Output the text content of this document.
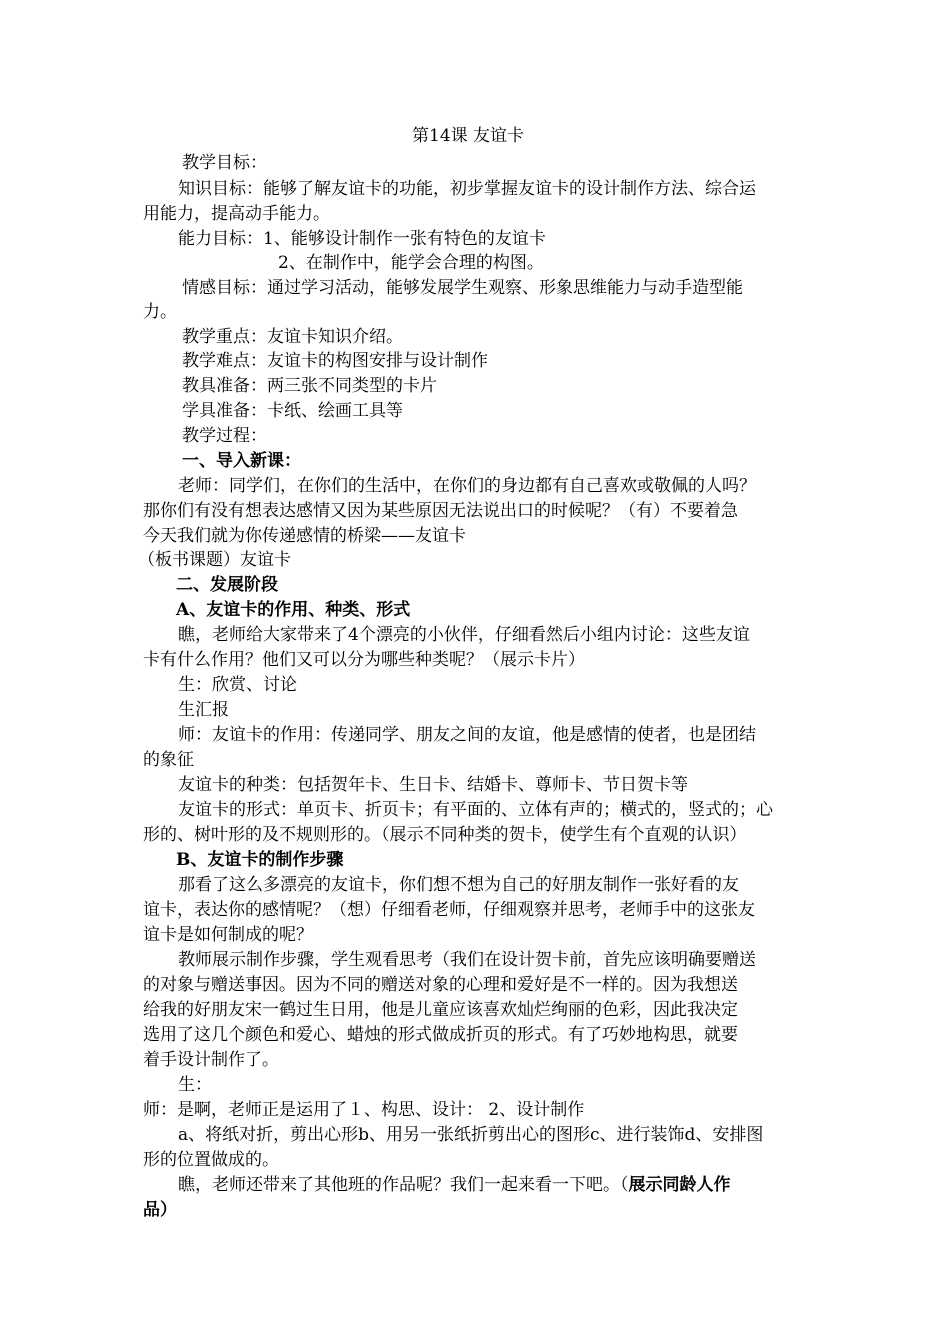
第14课 友谊卡
教学目标：
知识目标：能够了解友谊卡的功能，初步掌握友谊卡的设计制作方法、综合运
用能力，提高动手能力。
能力目标：1、能够设计制作一张有特色的友谊卡
2、在制作中，能学会合理的构图。
情感目标：通过学习活动，能够发展学生观察、形象思维能力与动手造型能
力。
教学重点：友谊卡知识介绍。
教学难点：友谊卡的构图安排与设计制作
教具准备：两三张不同类型的卡片
学具准备：卡纸、绘画工具等
教学过程：
一、导入新课：
老师：同学们，在你们的生活中，在你们的身边都有自己喜欢或敬佩的人吗？
那你们有没有想表达感情又因为某些原因无法说出口的时候呢？（有）不要着急
今天我们就为你传递感情的桥梁——友谊卡
（板书课题）友谊卡
二、发展阶段
A、友谊卡的作用、种类、形式
瞧，老师给大家带来了4个漂亮的小伙伴，仔细看然后小组内讨论：这些友谊
卡有什么作用？他们又可以分为哪些种类呢？（展示卡片）
生：欣赏、讨论
生汇报
师：友谊卡的作用：传递同学、朋友之间的友谊，他是感情的使者，也是团结
的象征
友谊卡的种类：包括贺年卡、生日卡、结婚卡、尊师卡、节日贺卡等
友谊卡的形式：单页卡、折页卡；有平面的、立体有声的；横式的，竖式的；心
形的、树叶形的及不规则形的。（展示不同种类的贺卡，使学生有个直观的认识）
B、友谊卡的制作步骤
那看了这么多漂亮的友谊卡，你们想不想为自己的好朋友制作一张好看的友
谊卡，表达你的感情呢？（想）仔细看老师，仔细观察并思考，老师手中的这张友
谊卡是如何制成的呢？
教师展示制作步骤，学生观看思考（我们在设计贺卡前，首先应该明确要赠送
的对象与赠送事因。因为不同的赠送对象的心理和爱好是不一样的。因为我想送
给我的好朋友宋一鹤过生日用，他是儿童应该喜欢灿烂绚丽的色彩，因此我决定
选用了这几个颜色和爱心、蜡烛的形式做成折页的形式。有了巧妙地构思，就要
着手设计制作了。
生：
师：是啊，老师正是运用了１、构思、设计： 2、设计制作
a、将纸对折，剪出心形b、用另一张纸折剪出心的图形c、进行装饰d、安排图
形的位置做成的。
瞧，老师还带来了其他班的作品呢？我们一起来看一下吧。（展示同龄人作
品）
